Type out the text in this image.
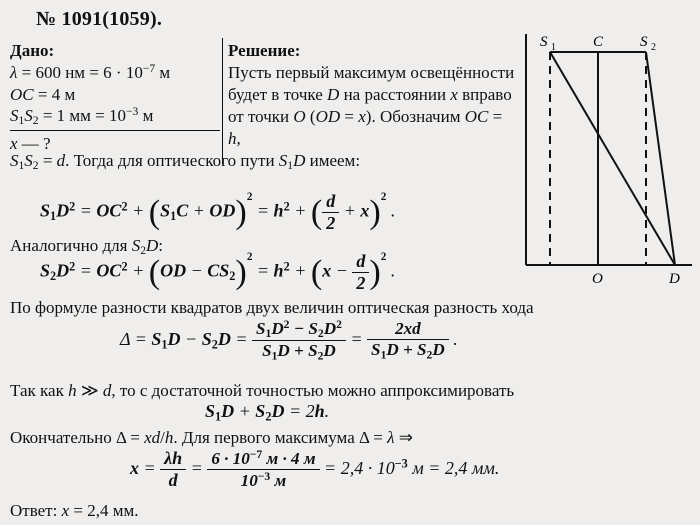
№ 1091(1059).
Дано:
λ = 600 нм = $6 \cdot 10^{-7}$ м
OC = 4 м
S1S2 = 1 мм = $10^{-3}$ м
x — ?
Решение:
Пусть первый максимум освещённости будет в точке D на расстоянии x вправо от точки O (OD = x). Обозначим OC = h,
S 1 C S 2
O	D
S1S2 = d. Тогда для оптического пути S1D имеем:
$S1D^2 = OC^2 + (S1C + OD)^2 = h^2$ + ( $\frac{d}{2} + x)^2$ .
Аналогично для S2D:
$S2D^2 = OC^2 + (OD - CS2)^2 = h^2 + (x - \frac{d}{2} )^2$ .
По формуле разности квадратов двух величин оптическая разность хода
$\Delta = S1D - S2D = \frac{S1D^2 - S2D^2}{S1D + S2D} = \frac{2xd}{S1D + S2D}$ .
Так как h ≫ d, то с достаточной точностью можно аппроксимировать
S1D + S2D = 2h.
Окончательно Δ = xd/h. Для первого максимума Δ = λ ⇒
$x = \frac{\lambda h}{d} = \frac{6 \cdot 10^{-7} м \cdot 4 м}{10^{-3} м} = 2,4 \cdot 10^{-3}$ м = 2,4 мм.
Ответ: x = 2,4 мм.
